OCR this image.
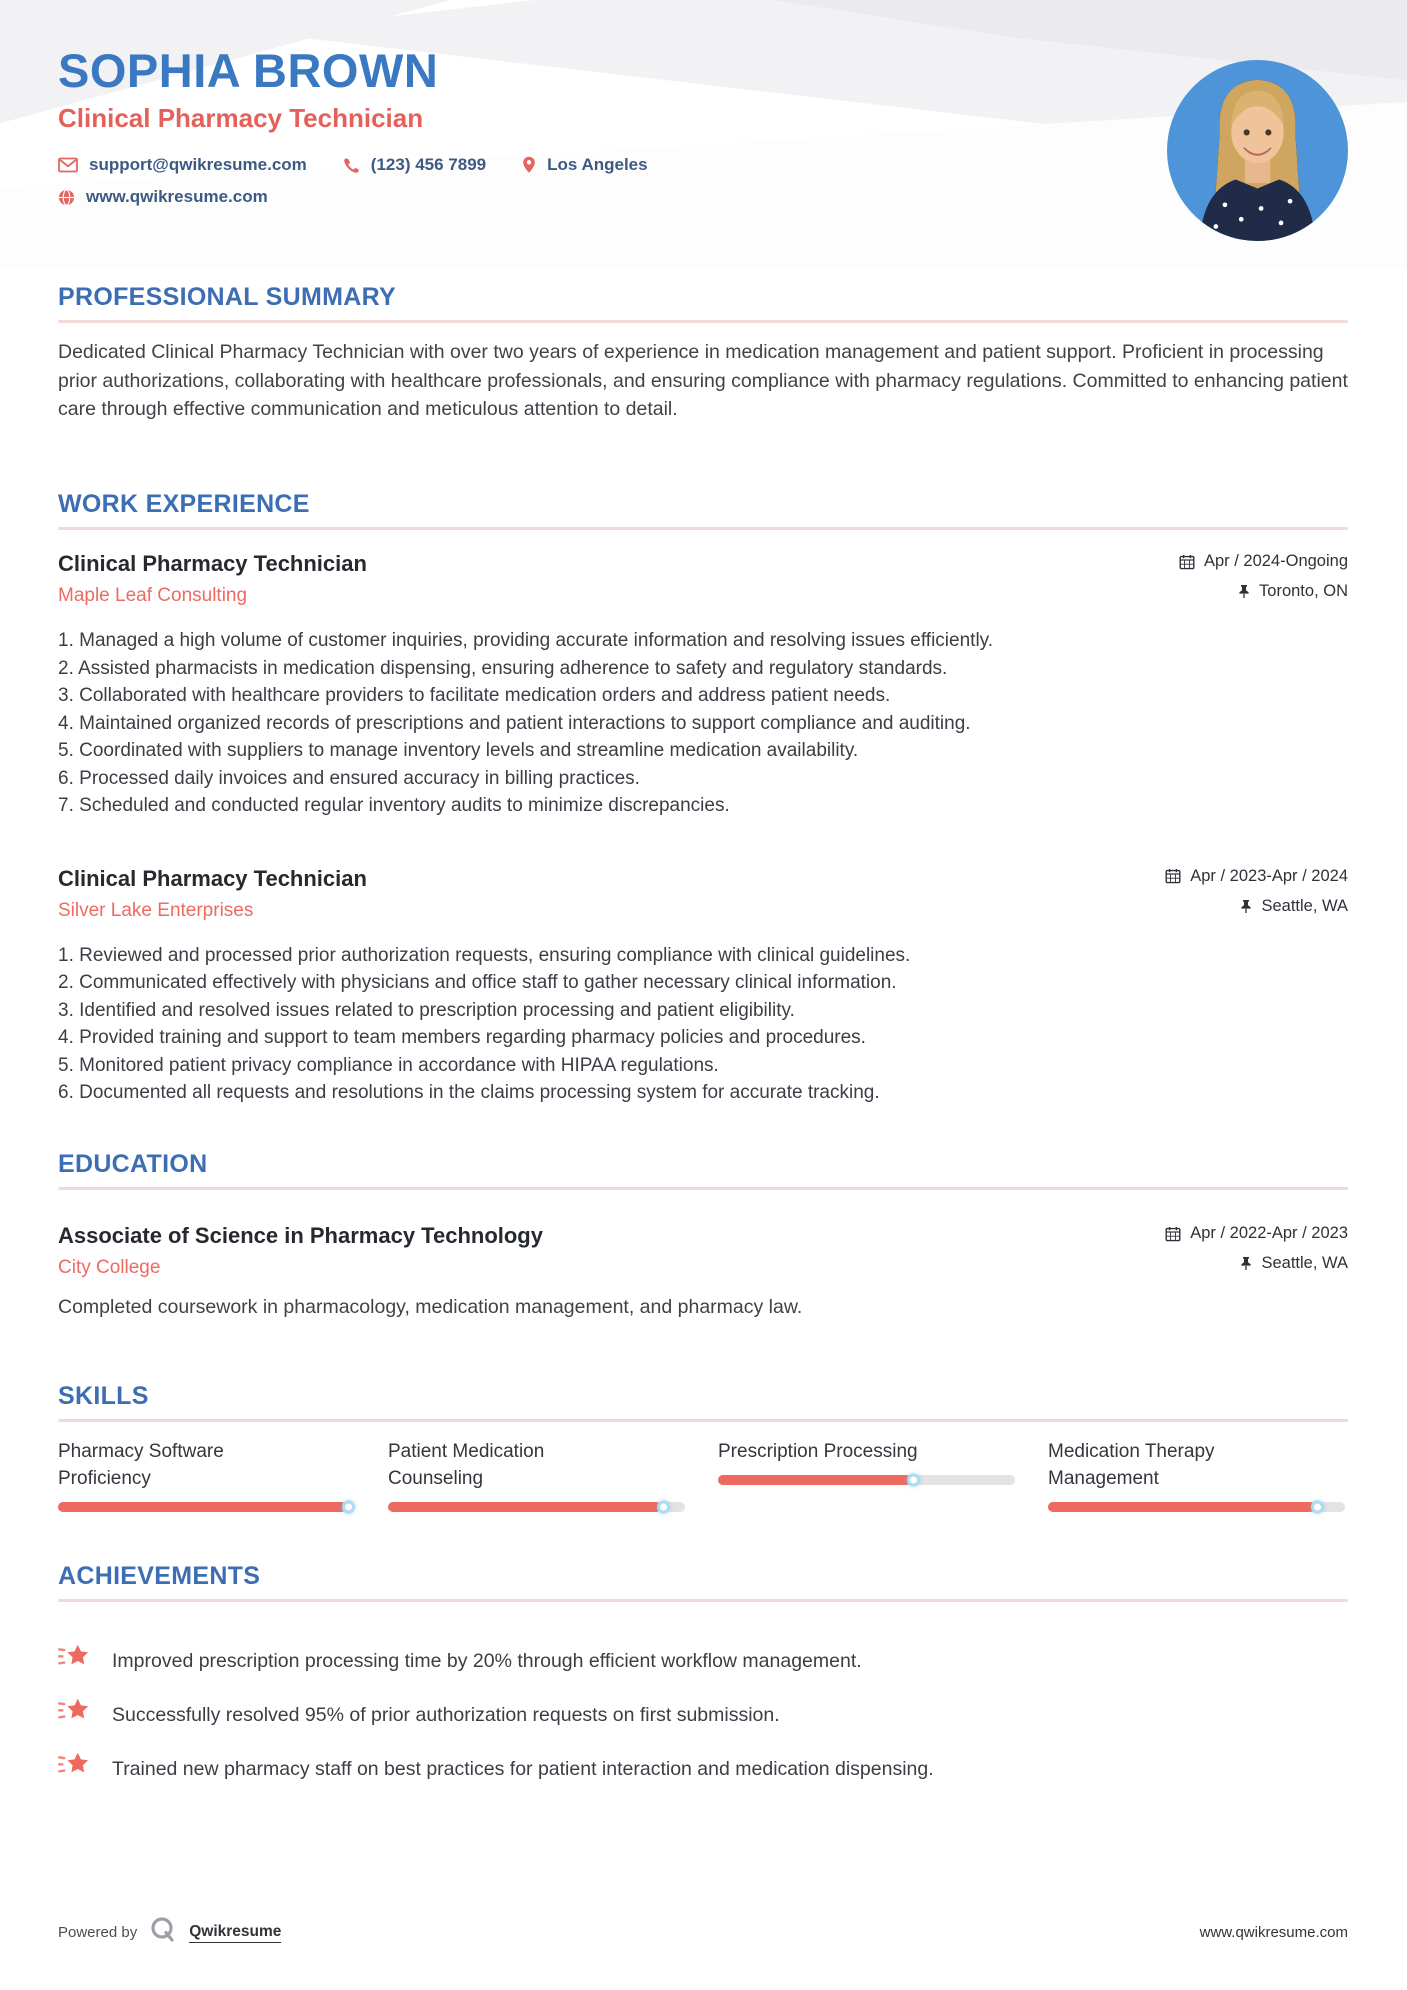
SOPHIA BROWN
Clinical Pharmacy Technician
support@qwikresume.com	(123) 456 7899	Los Angeles
www.qwikresume.com
PROFESSIONAL SUMMARY
Dedicated Clinical Pharmacy Technician with over two years of experience in medication management and patient support. Proficient in processing prior authorizations, collaborating with healthcare professionals, and ensuring compliance with pharmacy regulations. Committed to enhancing patient care through effective communication and meticulous attention to detail.
WORK EXPERIENCE
Clinical Pharmacy Technician
Maple Leaf Consulting
Apr / 2024-Ongoing
Toronto, ON
Managed a high volume of customer inquiries, providing accurate information and resolving issues efficiently.
Assisted pharmacists in medication dispensing, ensuring adherence to safety and regulatory standards.
Collaborated with healthcare providers to facilitate medication orders and address patient needs.
Maintained organized records of prescriptions and patient interactions to support compliance and auditing.
Coordinated with suppliers to manage inventory levels and streamline medication availability.
Processed daily invoices and ensured accuracy in billing practices.
Scheduled and conducted regular inventory audits to minimize discrepancies.
Clinical Pharmacy Technician
Silver Lake Enterprises
Apr / 2023-Apr / 2024
Seattle, WA
Reviewed and processed prior authorization requests, ensuring compliance with clinical guidelines.
Communicated effectively with physicians and office staff to gather necessary clinical information.
Identified and resolved issues related to prescription processing and patient eligibility.
Provided training and support to team members regarding pharmacy policies and procedures.
Monitored patient privacy compliance in accordance with HIPAA regulations.
Documented all requests and resolutions in the claims processing system for accurate tracking.
EDUCATION
Associate of Science in Pharmacy Technology
City College
Apr / 2022-Apr / 2023
Seattle, WA
Completed coursework in pharmacology, medication management, and pharmacy law.
SKILLS
Pharmacy Software Proficiency
Patient Medication Counseling
Prescription Processing	Medication Therapy Management
ACHIEVEMENTS
Improved prescription processing time by 20% through efficient workflow management.
Successfully resolved 95% of prior authorization requests on first submission.
Trained new pharmacy staff on best practices for patient interaction and medication dispensing.
Powered by	Qwikresume	www.qwikresume.com
